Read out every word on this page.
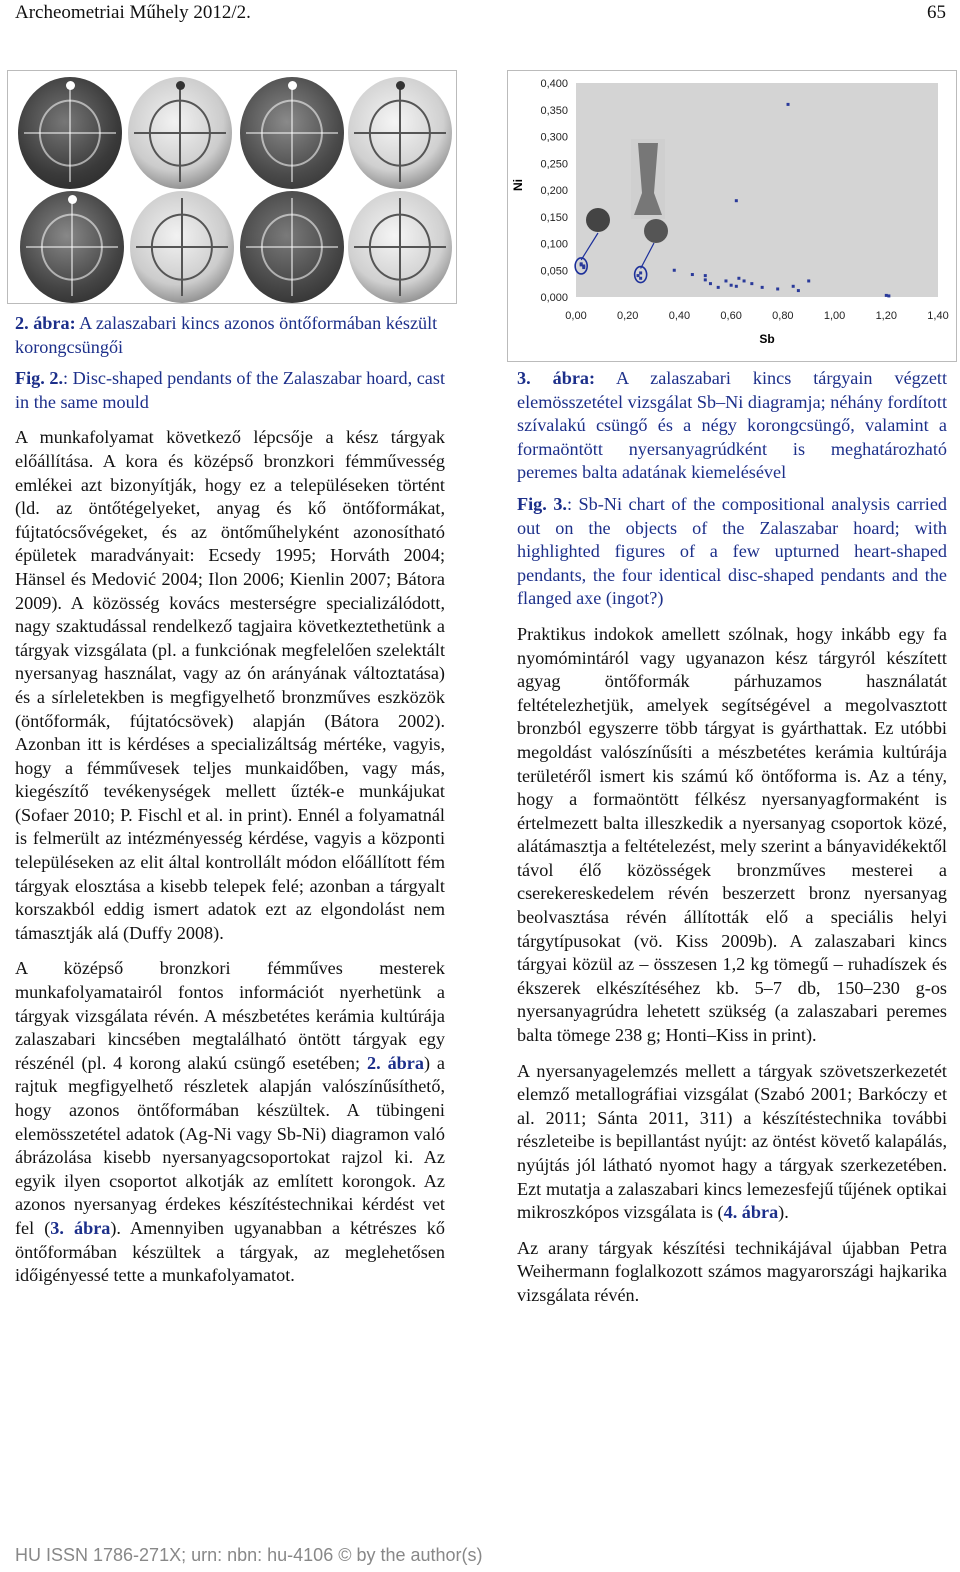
Archeometriai Műhely 2012/2.	65
0,00	0,20	0,40	0,60	0,80	1,00	1,20	1,40
0,000
0,050
0,100
0,150
0,200
0,250
0,300
0,350
0,400
Sb
Ni

2. ábra: A zalaszabari kincs azonos öntőformában készült korongcsüngői

Fig. 2.: Disc-shaped pendants of the Zalaszabar hoard, cast in the same mould

A munkafolyamat következő lépcsője a kész tárgyak előállítása. A kora és középső bronzkori fémművesség emlékei azt bizonyítják, hogy ez a településeken történt (ld. az öntőtégelyeket, anyag és kő öntőformákat, fújtatócsővégeket, és az öntőműhelyként azonosítható épületek maradványait: Ecsedy 1995; Horváth 2004; Hänsel és Medović 2004; Ilon 2006; Kienlin 2007; Bátora 2009). A közösség kovács mesterségre specializálódott, nagy szaktudással rendelkező tagjaira következtethetünk a tárgyak vizsgálata (pl. a funkciónak megfelelően szelektált nyersanyag használat, vagy az ón arányának változtatása) és a sírleletekben is megfigyelhető bronzműves eszközök (öntőformák, fújtatócsövek) alapján (Bátora 2002). Azonban itt is kérdéses a specializáltság mértéke, vagyis, hogy a fémművesek teljes munkaidőben, vagy más, kiegészítő tevékenységek mellett űzték-e munkájukat (Sofaer 2010; P. Fischl et al. in print). Ennél a folyamatnál is felmerült az intézményesség kérdése, vagyis a központi településeken az elit által kontrollált módon előállított fém tárgyak elosztása a kisebb telepek felé; azonban a tárgyalt korszakból eddig ismert adatok ezt az elgondolást nem támasztják alá (Duffy 2008).

A középső bronzkori fémműves mesterek munkafolyamatairól fontos információt nyerhetünk a tárgyak vizsgálata révén. A mészbetétes kerámia kultúrája zalaszabari kincsében megtalálható öntött tárgyak egy részénél (pl. 4 korong alakú csüngő esetében; 2. ábra) a rajtuk megfigyelhető részletek alapján valószínűsíthető, hogy azonos öntőformában készültek. A tübingeni elemösszetétel adatok (Ag-Ni vagy Sb-Ni) diagramon való ábrázolása kisebb nyersanyagcsoportokat rajzol ki. Az egyik ilyen csoportot alkotják az említett korongok. Az azonos nyersanyag érdekes készítéstechnikai kérdést vet fel (3. ábra). Amennyiben ugyanabban a kétrészes kő öntőformában készültek a tárgyak, az meglehetősen időigényessé tette a munkafolyamatot.

3. ábra: A zalaszabari kincs tárgyain végzett elemösszetétel vizsgálat Sb–Ni diagramja; néhány fordított szívalakú csüngő és a négy korongcsüngő, valamint a formaöntött nyersanyagrúdként is meghatározható peremes balta adatának kiemelésével

Fig. 3.: Sb-Ni chart of the compositional analysis carried out on the objects of the Zalaszabar hoard; with highlighted figures of a few upturned heart-shaped pendants, the four identical disc-shaped pendants and the flanged axe (ingot?)

Praktikus indokok amellett szólnak, hogy inkább egy fa nyomómintáról vagy ugyanazon kész tárgyról készített agyag öntőformák párhuzamos használatát feltételezhetjük, amelyek segítségével a megolvasztott bronzból egyszerre több tárgyat is gyárthattak. Ez utóbbi megoldást valószínűsíti a mészbetétes kerámia kultúrája területéről ismert kis számú kő öntőforma is. Az a tény, hogy a formaöntött félkész nyersanyagformaként is értelmezett balta illeszkedik a nyersanyag csoportok közé, alátámasztja a feltételezést, mely szerint a bányavidékektől távol élő közösségek bronzműves mesterei a cserekereskedelem révén beszerzett bronz nyersanyag beolvasztása révén állították elő a speciális helyi tárgytípusokat (vö. Kiss 2009b). A zalaszabari kincs tárgyai közül az – összesen 1,2 kg tömegű – ruhadíszek és ékszerek elkészítéséhez kb. 5–7 db, 150–230 g-os nyersanyagrúdra lehetett szükség (a zalaszabari peremes balta tömege 238 g; Honti–Kiss in print).

A nyersanyagelemzés mellett a tárgyak szövetszerkezetét elemző metallográfiai vizsgálat (Szabó 2001; Barkóczy et al. 2011; Sánta 2011, 311) a készítéstechnika további részleteibe is bepillantást nyújt: az öntést követő kalapálás, nyújtás jól látható nyomot hagy a tárgyak szerkezetében. Ezt mutatja a zalaszabari kincs lemezesfejű tűjének optikai mikroszkópos vizsgálata is (4. ábra).

Az arany tárgyak készítési technikájával újabban Petra Weihermann foglalkozott számos magyarországi hajkarika vizsgálata révén.

HU ISSN 1786-271X; urn: nbn: hu-4106 © by the author(s)
